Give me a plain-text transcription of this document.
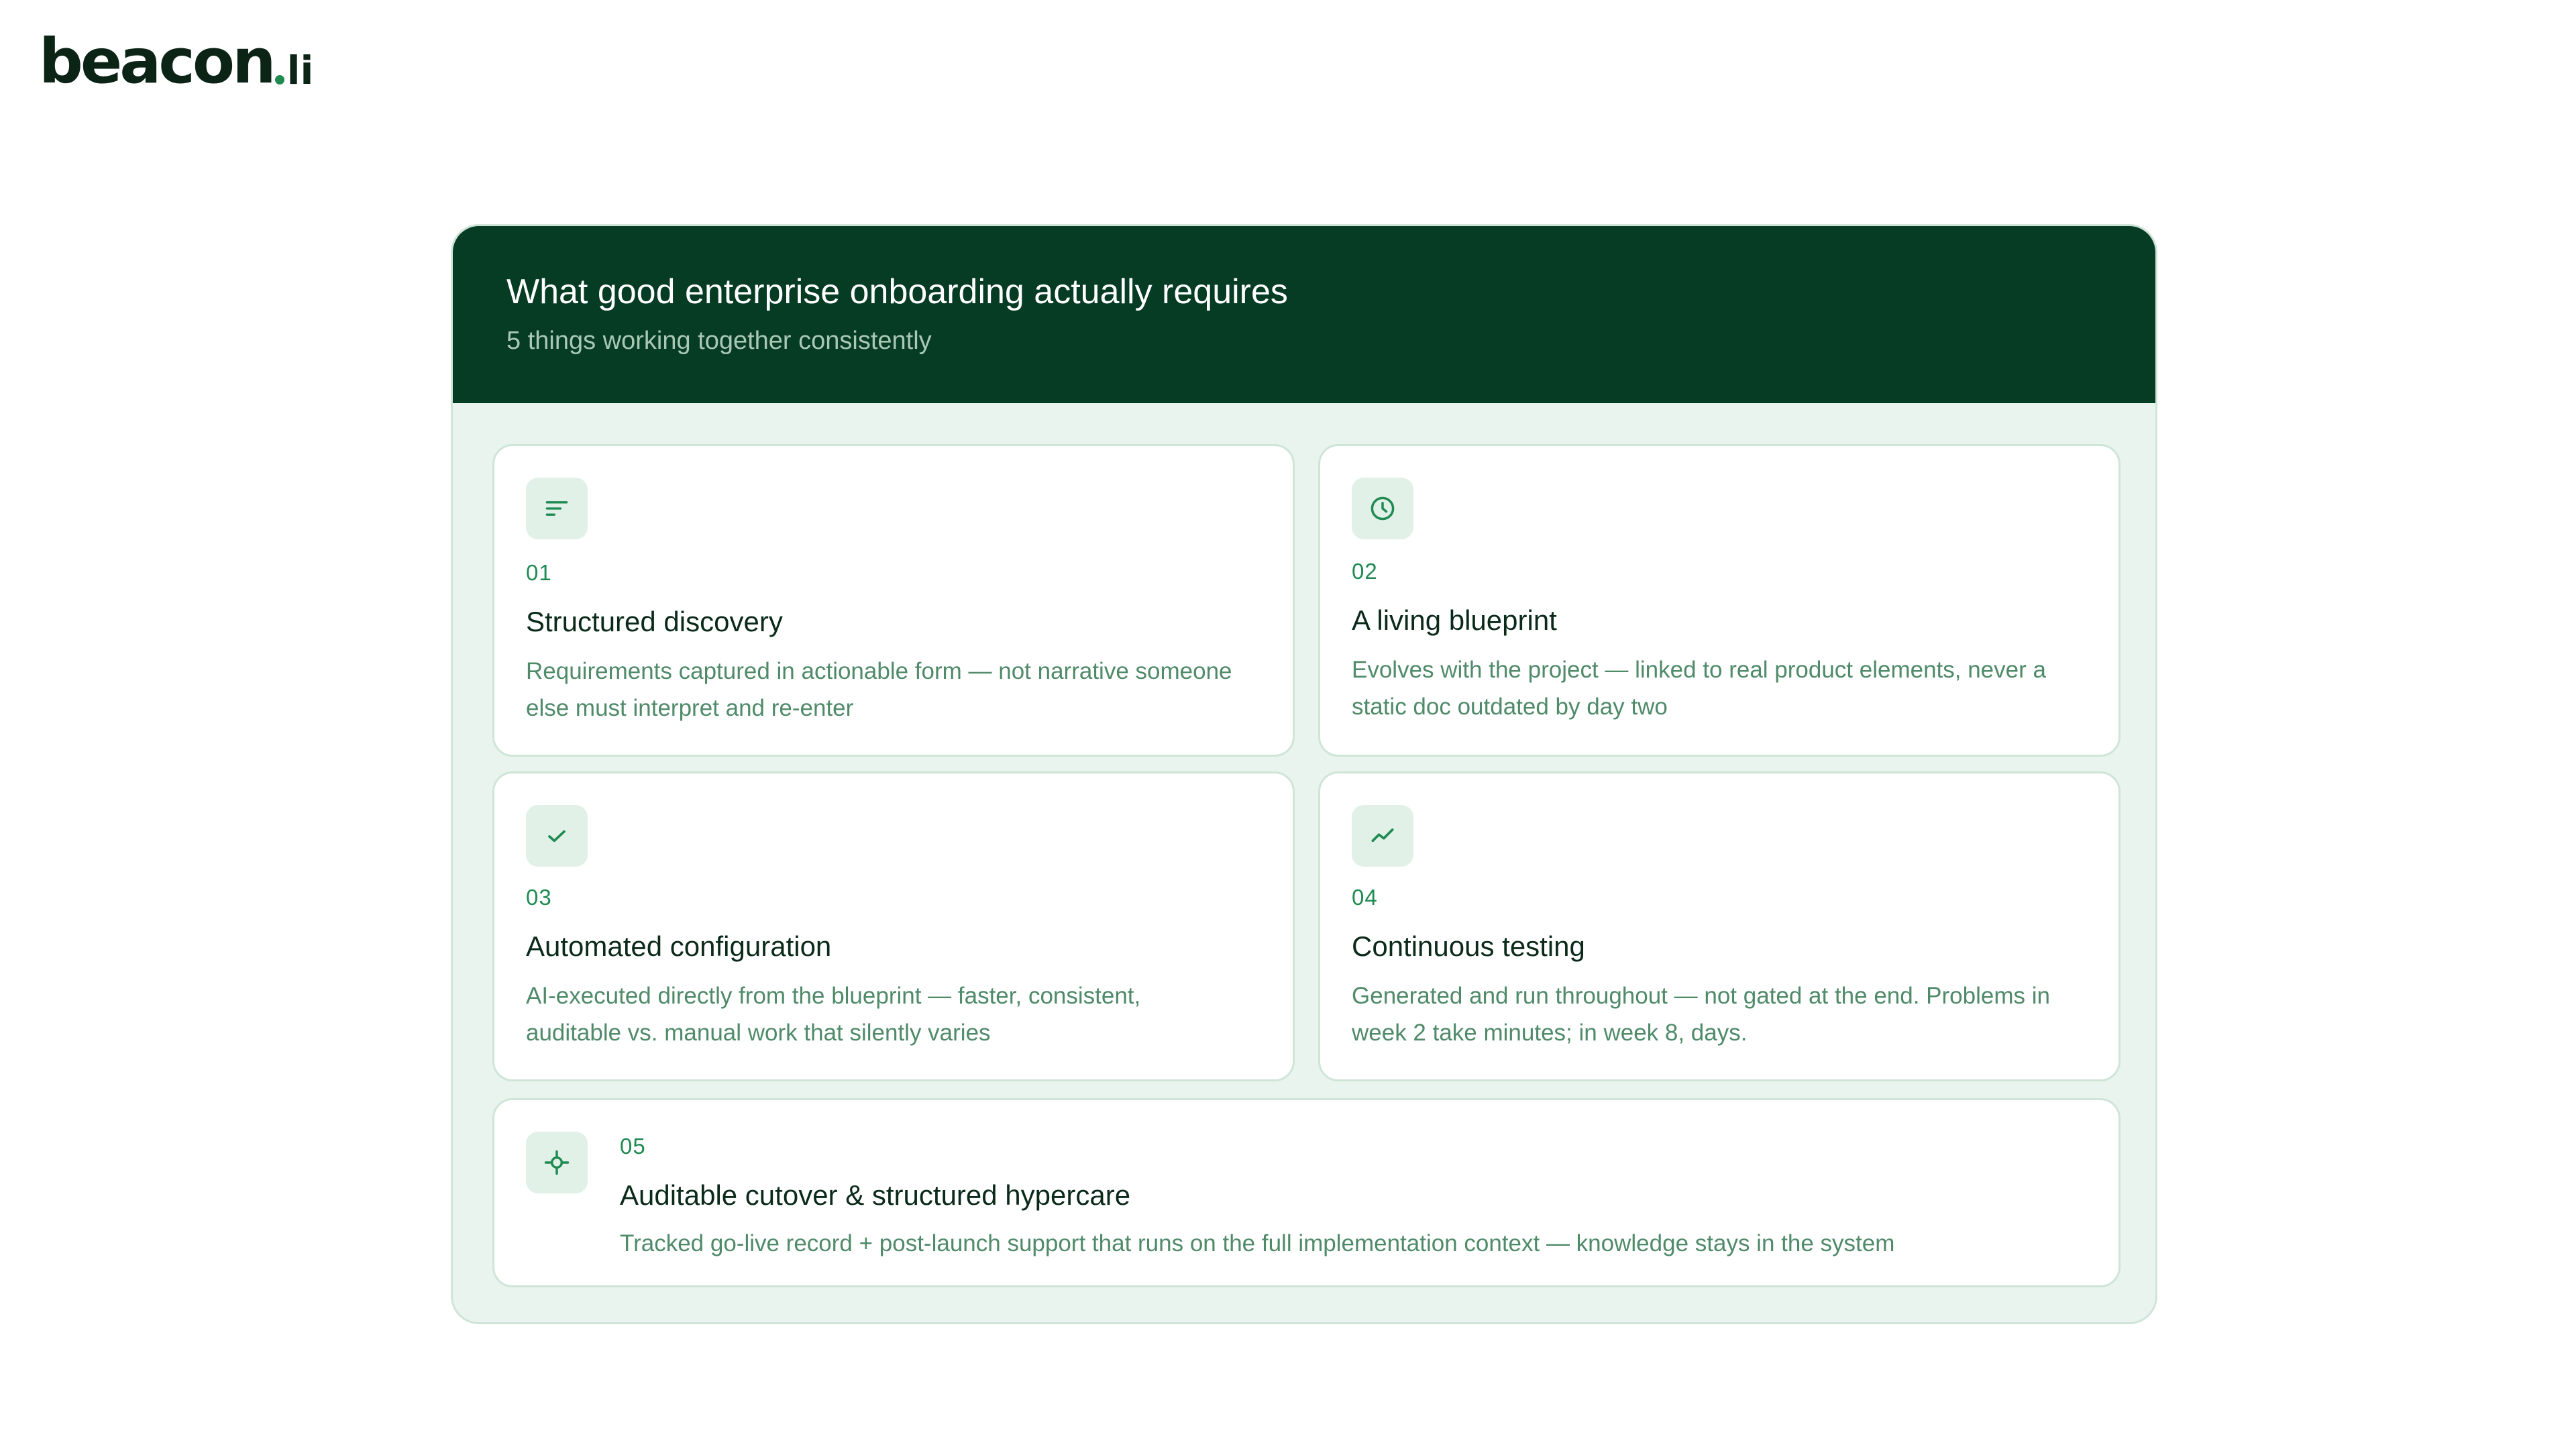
beacon li
What good enterprise onboarding actually requires
5 things working together consistently
01
Structured discovery
Requirements captured in actionable form — not narrative someone else must interpret and re-enter
02
A living blueprint
Evolves with the project — linked to real product elements, never a static doc outdated by day two
03
Automated configuration
AI-executed directly from the blueprint — faster, consistent, auditable vs. manual work that silently varies
04
Continuous testing
Generated and run throughout — not gated at the end. Problems in week 2 take minutes; in week 8, days.
05
Auditable cutover & structured hypercare
Tracked go-live record + post-launch support that runs on the full implementation context — knowledge stays in the system
